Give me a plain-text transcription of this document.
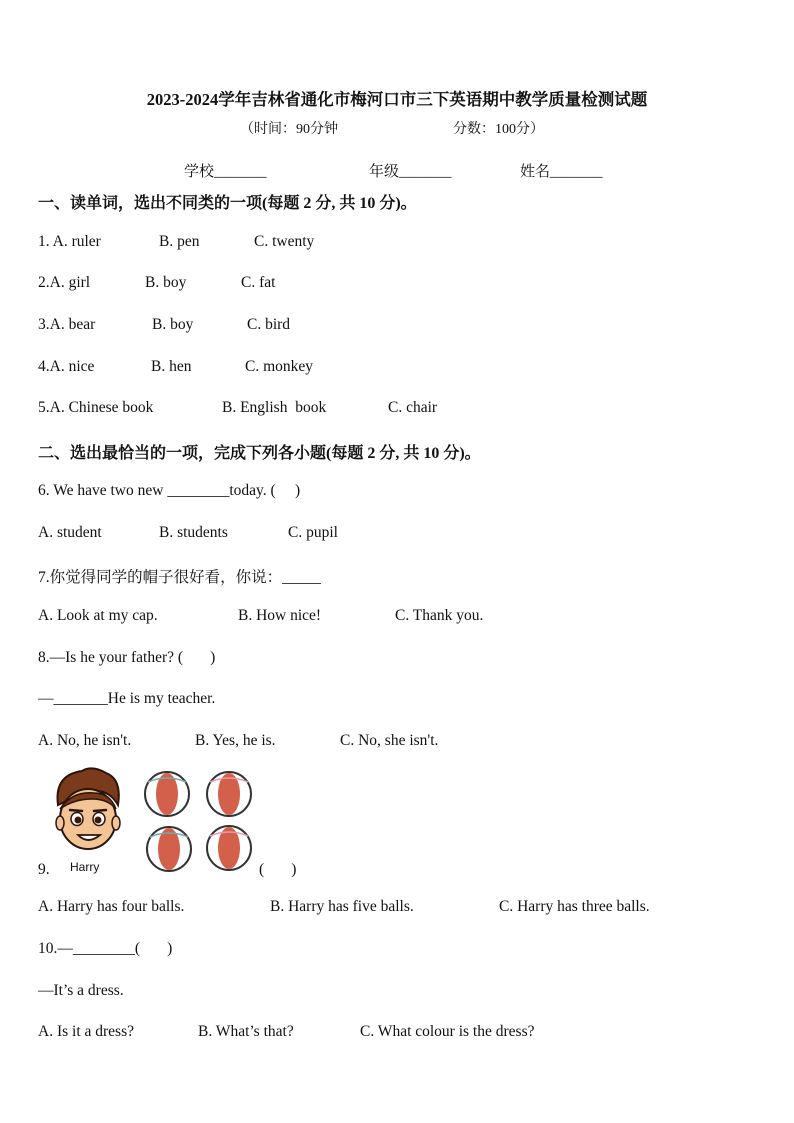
2023-2024学年吉林省通化市梅河口市三下英语期中教学质量检测试题
（时间：90分钟	分数：100分）
学校_______	年级_______	姓名_______
一、读单词，选出不同类的一项(每题 2 分, 共 10 分)。
1. A. ruler	B. pen	C. twenty
2.A. girl	B. boy	C. fat
3.A. bear	B. boy	C. bird
4.A. nice	B. hen	C. monkey
5.A. Chinese book	B. English  book	C. chair
二、选出最恰当的一项，完成下列各小题(每题 2 分, 共 10 分)。
6. We have two new ________today. (     )
A. student	B. students	C. pupil
7.你觉得同学的帽子很好看，你说：_____
A. Look at my cap.	B. How nice!	C. Thank you.
8.—Is he your father? (       )
—_______He is my teacher.
A. No, he isn't.	B. Yes, he is.	C. No, she isn't.
9. Harry	(       )
A. Harry has four balls.	B. Harry has five balls.	C. Harry has three balls.
10.—________(       )
—It’s a dress.
A. Is it a dress?	B. What’s that?	C. What colour is the dress?
